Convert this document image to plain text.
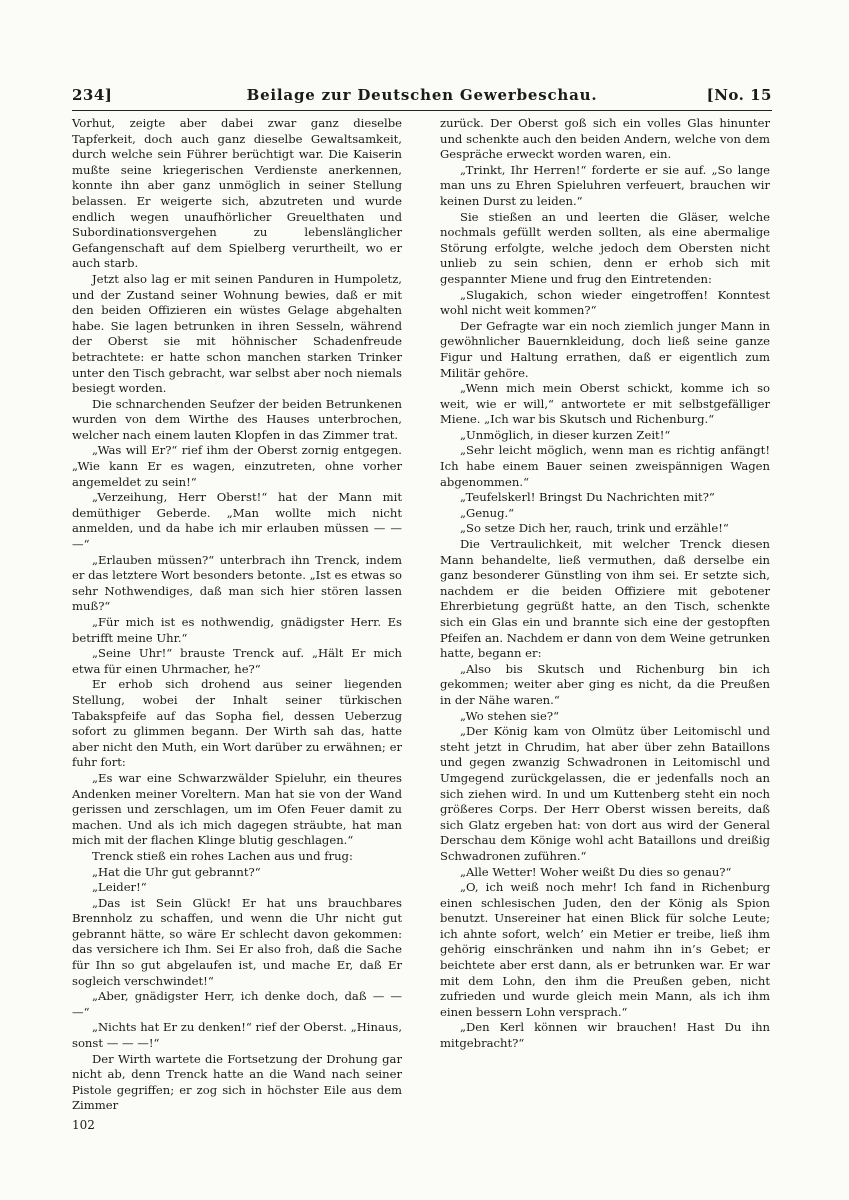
234]	Beilage zur Deutschen Gewerbeschau.	[No. 15

Vorhut, zeigte aber dabei zwar ganz dieselbe Tapferkeit, doch auch ganz dieselbe Gewaltsamkeit, durch welche sein Führer berüchtigt war. Die Kaiserin mußte seine kriegerischen Verdienste anerkennen, konnte ihn aber ganz unmöglich in seiner Stellung belassen. Er weigerte sich, abzutreten und wurde endlich wegen unaufhörlicher Greuelthaten und Subordinationsvergehen zu lebenslänglicher Gefangenschaft auf dem Spielberg verurtheilt, wo er auch starb.

Jetzt also lag er mit seinen Panduren in Humpoletz, und der Zustand seiner Wohnung bewies, daß er mit den beiden Offizieren ein wüstes Gelage abgehalten habe. Sie lagen betrunken in ihren Sesseln, während der Oberst sie mit höhnischer Schadenfreude betrachtete: er hatte schon manchen starken Trinker unter den Tisch gebracht, war selbst aber noch niemals besiegt worden.

Die schnarchenden Seufzer der beiden Betrunkenen wurden von dem Wirthe des Hauses unterbrochen, welcher nach einem lauten Klopfen in das Zimmer trat.

„Was will Er?“ rief ihm der Oberst zornig entgegen. „Wie kann Er es wagen, einzutreten, ohne vorher angemeldet zu sein!“

„Verzeihung, Herr Oberst!“ hat der Mann mit demüthiger Geberde. „Man wollte mich nicht anmelden, und da habe ich mir erlauben müssen — — —“

„Erlauben müssen?“ unterbrach ihn Trenck, indem er das letztere Wort besonders betonte. „Ist es etwas so sehr Nothwendiges, daß man sich hier stören lassen muß?“

„Für mich ist es nothwendig, gnädigster Herr. Es betrifft meine Uhr.“

„Seine Uhr!“ brauste Trenck auf. „Hält Er mich etwa für einen Uhrmacher, he?“

Er erhob sich drohend aus seiner liegenden Stellung, wobei der Inhalt seiner türkischen Tabakspfeife auf das Sopha fiel, dessen Ueberzug sofort zu glimmen begann. Der Wirth sah das, hatte aber nicht den Muth, ein Wort darüber zu erwähnen; er fuhr fort:

„Es war eine Schwarzwälder Spieluhr, ein theures Andenken meiner Voreltern. Man hat sie von der Wand gerissen und zerschlagen, um im Ofen Feuer damit zu machen. Und als ich mich dagegen sträubte, hat man mich mit der flachen Klinge blutig geschlagen.“

Trenck stieß ein rohes Lachen aus und frug:

„Hat die Uhr gut gebrannt?“

„Leider!“

„Das ist Sein Glück! Er hat uns brauchbares Brennholz zu schaffen, und wenn die Uhr nicht gut gebrannt hätte, so wäre Er schlecht davon gekommen: das versichere ich Ihm. Sei Er also froh, daß die Sache für Ihn so gut abgelaufen ist, und mache Er, daß Er sogleich verschwindet!“

„Aber, gnädigster Herr, ich denke doch, daß — — —“

„Nichts hat Er zu denken!“ rief der Oberst. „Hinaus, sonst — — —!“

Der Wirth wartete die Fortsetzung der Drohung gar nicht ab, denn Trenck hatte an die Wand nach seiner Pistole gegriffen; er zog sich in höchster Eile aus dem Zimmer

zurück. Der Oberst goß sich ein volles Glas hinunter und schenkte auch den beiden Andern, welche von dem Gespräche erweckt worden waren, ein.

„Trinkt, Ihr Herren!“ forderte er sie auf. „So lange man uns zu Ehren Spieluhren verfeuert, brauchen wir keinen Durst zu leiden.“

Sie stießen an und leerten die Gläser, welche nochmals gefüllt werden sollten, als eine abermalige Störung erfolgte, welche jedoch dem Obersten nicht unlieb zu sein schien, denn er erhob sich mit gespannter Miene und frug den Eintretenden:

„Slugakich, schon wieder eingetroffen! Konntest wohl nicht weit kommen?“

Der Gefragte war ein noch ziemlich junger Mann in gewöhnlicher Bauernkleidung, doch ließ seine ganze Figur und Haltung errathen, daß er eigentlich zum Militär gehöre.

„Wenn mich mein Oberst schickt, komme ich so weit, wie er will,“ antwortete er mit selbstgefälliger Miene. „Ich war bis Skutsch und Richenburg.“

„Unmöglich, in dieser kurzen Zeit!“

„Sehr leicht möglich, wenn man es richtig anfängt! Ich habe einem Bauer seinen zweispännigen Wagen abgenommen.“

„Teufelskerl! Bringst Du Nachrichten mit?“

„Genug.“

„So setze Dich her, rauch, trink und erzähle!“

Die Vertraulichkeit, mit welcher Trenck diesen Mann behandelte, ließ vermuthen, daß derselbe ein ganz besonderer Günstling von ihm sei. Er setzte sich, nachdem er die beiden Offiziere mit gebotener Ehrerbietung gegrüßt hatte, an den Tisch, schenkte sich ein Glas ein und brannte sich eine der gestopften Pfeifen an. Nachdem er dann von dem Weine getrunken hatte, begann er:

„Also bis Skutsch und Richenburg bin ich gekommen; weiter aber ging es nicht, da die Preußen in der Nähe waren.“

„Wo stehen sie?“

„Der König kam von Olmütz über Leitomischl und steht jetzt in Chrudim, hat aber über zehn Bataillons und gegen zwanzig Schwadronen in Leitomischl und Umgegend zurückgelassen, die er jedenfalls noch an sich ziehen wird. In und um Kuttenberg steht ein noch größeres Corps. Der Herr Oberst wissen bereits, daß sich Glatz ergeben hat: von dort aus wird der General Derschau dem Könige wohl acht Bataillons und dreißig Schwadronen zuführen.“

„Alle Wetter! Woher weißt Du dies so genau?“

„O, ich weiß noch mehr! Ich fand in Richenburg einen schlesischen Juden, den der König als Spion benutzt. Unsereiner hat einen Blick für solche Leute; ich ahnte sofort, welch’ ein Metier er treibe, ließ ihm gehörig einschränken und nahm ihn in’s Gebet; er beichtete aber erst dann, als er betrunken war. Er war mit dem Lohn, den ihm die Preußen geben, nicht zufrieden und wurde gleich mein Mann, als ich ihm einen bessern Lohn versprach.“

„Den Kerl können wir brauchen! Hast Du ihn mitgebracht?“

102
